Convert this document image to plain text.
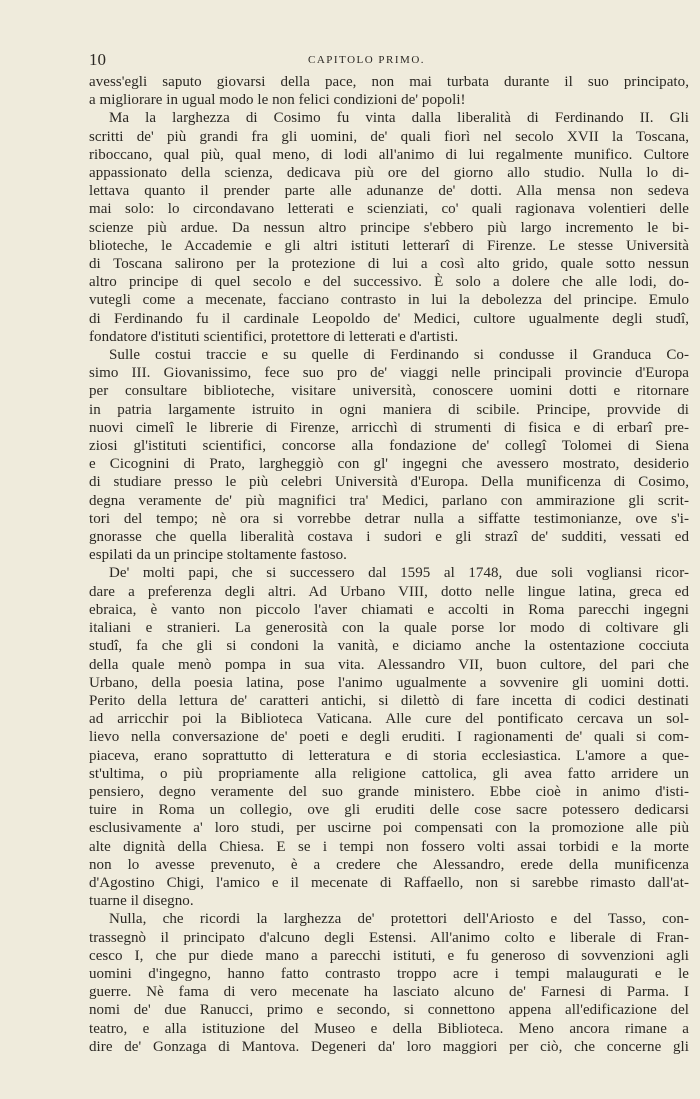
10	CAPITOLO PRIMO.
avess'egli saputo giovarsi della pace, non mai turbata durante il suo principato,
a migliorare in ugual modo le non felici condizioni de' popoli!
Ma la larghezza di Cosimo fu vinta dalla liberalità di Ferdinando II. Gli
scritti de' più grandi fra gli uomini, de' quali fiorì nel secolo XVII la Toscana,
riboccano, qual più, qual meno, di lodi all'animo di lui regalmente munifico. Cultore
appassionato della scienza, dedicava più ore del giorno allo studio. Nulla lo di-
lettava quanto il prender parte alle adunanze de' dotti. Alla mensa non sedeva
mai solo: lo circondavano letterati e scienziati, co' quali ragionava volentieri delle
scienze più ardue. Da nessun altro principe s'ebbero più largo incremento le bi-
blioteche, le Accademie e gli altri istituti letterarî di Firenze. Le stesse Università
di Toscana salirono per la protezione di lui a così alto grido, quale sotto nessun
altro principe di quel secolo e del successivo. È solo a dolere che alle lodi, do-
vutegli come a mecenate, facciano contrasto in lui la debolezza del principe. Emulo
di Ferdinando fu il cardinale Leopoldo de' Medici, cultore ugualmente degli studî,
fondatore d'istituti scientifici, protettore di letterati e d'artisti.
Sulle costui traccie e su quelle di Ferdinando si condusse il Granduca Co-
simo III. Giovanissimo, fece suo pro de' viaggi nelle principali provincie d'Europa
per consultare biblioteche, visitare università, conoscere uomini dotti e ritornare
in patria largamente istruito in ogni maniera di scibile. Principe, provvide di
nuovi cimelî le librerie di Firenze, arricchì di strumenti di fisica e di erbarî pre-
ziosi gl'istituti scientifici, concorse alla fondazione de' collegî Tolomei di Siena
e Cicognini di Prato, largheggiò con gl' ingegni che avessero mostrato, desiderio
di studiare presso le più celebri Università d'Europa. Della munificenza di Cosimo,
degna veramente de' più magnifici tra' Medici, parlano con ammirazione gli scrit-
tori del tempo; nè ora si vorrebbe detrar nulla a siffatte testimonianze, ove s'i-
gnorasse che quella liberalità costava i sudori e gli strazî de' sudditi, vessati ed
espilati da un principe stoltamente fastoso.
De' molti papi, che si successero dal 1595 al 1748, due soli vogliansi ricor-
dare a preferenza degli altri. Ad Urbano VIII, dotto nelle lingue latina, greca ed
ebraica, è vanto non piccolo l'aver chiamati e accolti in Roma parecchi ingegni
italiani e stranieri. La generosità con la quale porse lor modo di coltivare gli
studî, fa che gli si condoni la vanità, e diciamo anche la ostentazione cocciuta
della quale menò pompa in sua vita. Alessandro VII, buon cultore, del pari che
Urbano, della poesia latina, pose l'animo ugualmente a sovvenire gli uomini dotti.
Perito della lettura de' caratteri antichi, si dilettò di fare incetta di codici destinati
ad arricchir poi la Biblioteca Vaticana. Alle cure del pontificato cercava un sol-
lievo nella conversazione de' poeti e degli eruditi. I ragionamenti de' quali si com-
piaceva, erano soprattutto di letteratura e di storia ecclesiastica. L'amore a que-
st'ultima, o più propriamente alla religione cattolica, gli avea fatto arridere un
pensiero, degno veramente del suo grande ministero. Ebbe cioè in animo d'isti-
tuire in Roma un collegio, ove gli eruditi delle cose sacre potessero dedicarsi
esclusivamente a' loro studi, per uscirne poi compensati con la promozione alle più
alte dignità della Chiesa. E se i tempi non fossero volti assai torbidi e la morte
non lo avesse prevenuto, è a credere che Alessandro, erede della munificenza
d'Agostino Chigi, l'amico e il mecenate di Raffaello, non si sarebbe rimasto dall'at-
tuarne il disegno.
Nulla, che ricordi la larghezza de' protettori dell'Ariosto e del Tasso, con-
trassegnò il principato d'alcuno degli Estensi. All'animo colto e liberale di Fran-
cesco I, che pur diede mano a parecchi istituti, e fu generoso di sovvenzioni agli
uomini d'ingegno, hanno fatto contrasto troppo acre i tempi malaugurati e le
guerre. Nè fama di vero mecenate ha lasciato alcuno de' Farnesi di Parma. I
nomi de' due Ranucci, primo e secondo, si connettono appena all'edificazione del
teatro, e alla istituzione del Museo e della Biblioteca. Meno ancora rimane a
dire de' Gonzaga di Mantova. Degeneri da' loro maggiori per ciò, che concerne gli
